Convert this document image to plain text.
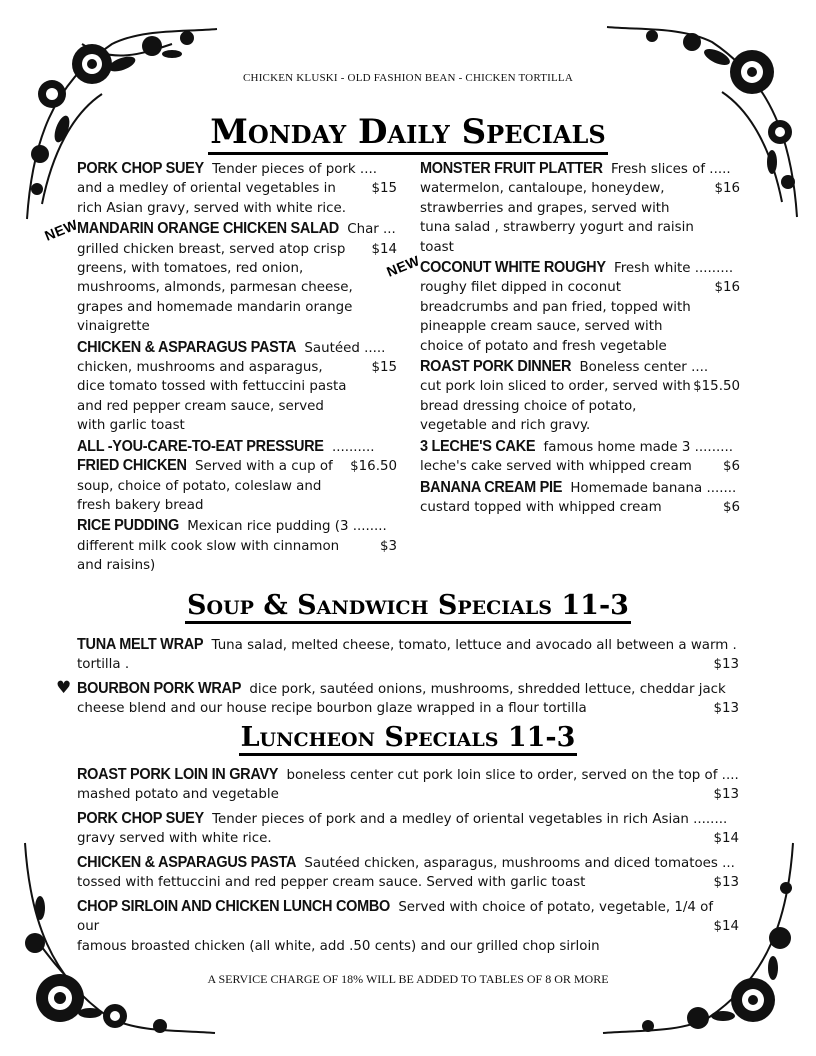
CHICKEN KLUSKI - OLD FASHION BEAN - CHICKEN TORTILLA
Monday Daily Specials
NEW
NEW
PORK CHOP SUEY Tender pieces of pork ....
$15
and a medley of oriental vegetables in
rich Asian gravy, served with white rice.
MANDARIN ORANGE CHICKEN SALAD Char ...
$14
grilled chicken breast, served atop crisp
greens, with tomatoes, red onion,
mushrooms, almonds, parmesan cheese,
grapes and homemade mandarin orange
vinaigrette
CHICKEN & ASPARAGUS PASTA Sautéed .....
$15
chicken, mushrooms and asparagus,
dice tomato tossed with fettuccini pasta
and red pepper cream sauce, served
with garlic toast
ALL -YOU-CARE-TO-EAT PRESSURE ..........
$16.50
FRIED CHICKEN Served with a cup of
soup, choice of potato, coleslaw and
fresh bakery bread
RICE PUDDING Mexican rice pudding (3 ........
$3
different milk cook slow with cinnamon
and raisins)
MONSTER FRUIT PLATTER Fresh slices of .....
$16
watermelon, cantaloupe, honeydew,
strawberries and grapes, served with
tuna salad , strawberry yogurt and raisin
toast
COCONUT WHITE ROUGHY Fresh white .........
$16
roughy filet dipped in coconut
breadcrumbs and pan fried, topped with
pineapple cream sauce, served with
choice of potato and fresh vegetable
ROAST PORK DINNER Boneless center ....
$15.50
cut pork loin sliced to order, served with
bread dressing choice of potato,
vegetable and rich gravy.
3 LECHE'S CAKE famous home made 3 .........
$6
leche's cake served with whipped cream
BANANA CREAM PIE Homemade banana .......
$6
custard topped with whipped cream
Soup & Sandwich Specials 11-3
TUNA MELT WRAP Tuna salad, melted cheese, tomato, lettuce and avocado all between a warm .
$13
tortilla .
♥ BOURBON PORK WRAP dice pork, sautéed onions, mushrooms, shredded lettuce, cheddar jack
$13
cheese blend and our house recipe bourbon glaze wrapped in a flour tortilla
Luncheon Specials 11-3
ROAST PORK LOIN IN GRAVY boneless center cut pork loin slice to order, served on the top of ....
$13
mashed potato and vegetable
PORK CHOP SUEY Tender pieces of pork and a medley of oriental vegetables in rich Asian ........
$14
gravy served with white rice.
CHICKEN & ASPARAGUS PASTA Sautéed chicken, asparagus, mushrooms and diced tomatoes ...
$13
tossed with fettuccini and red pepper cream sauce. Served with garlic toast
CHOP SIRLOIN AND CHICKEN LUNCH COMBO Served with choice of potato, vegetable, 1/4 of our	$14
famous broasted chicken (all white, add .50 cents) and our grilled chop sirloin
A SERVICE CHARGE OF 18% WILL BE ADDED TO TABLES OF 8 OR MORE
